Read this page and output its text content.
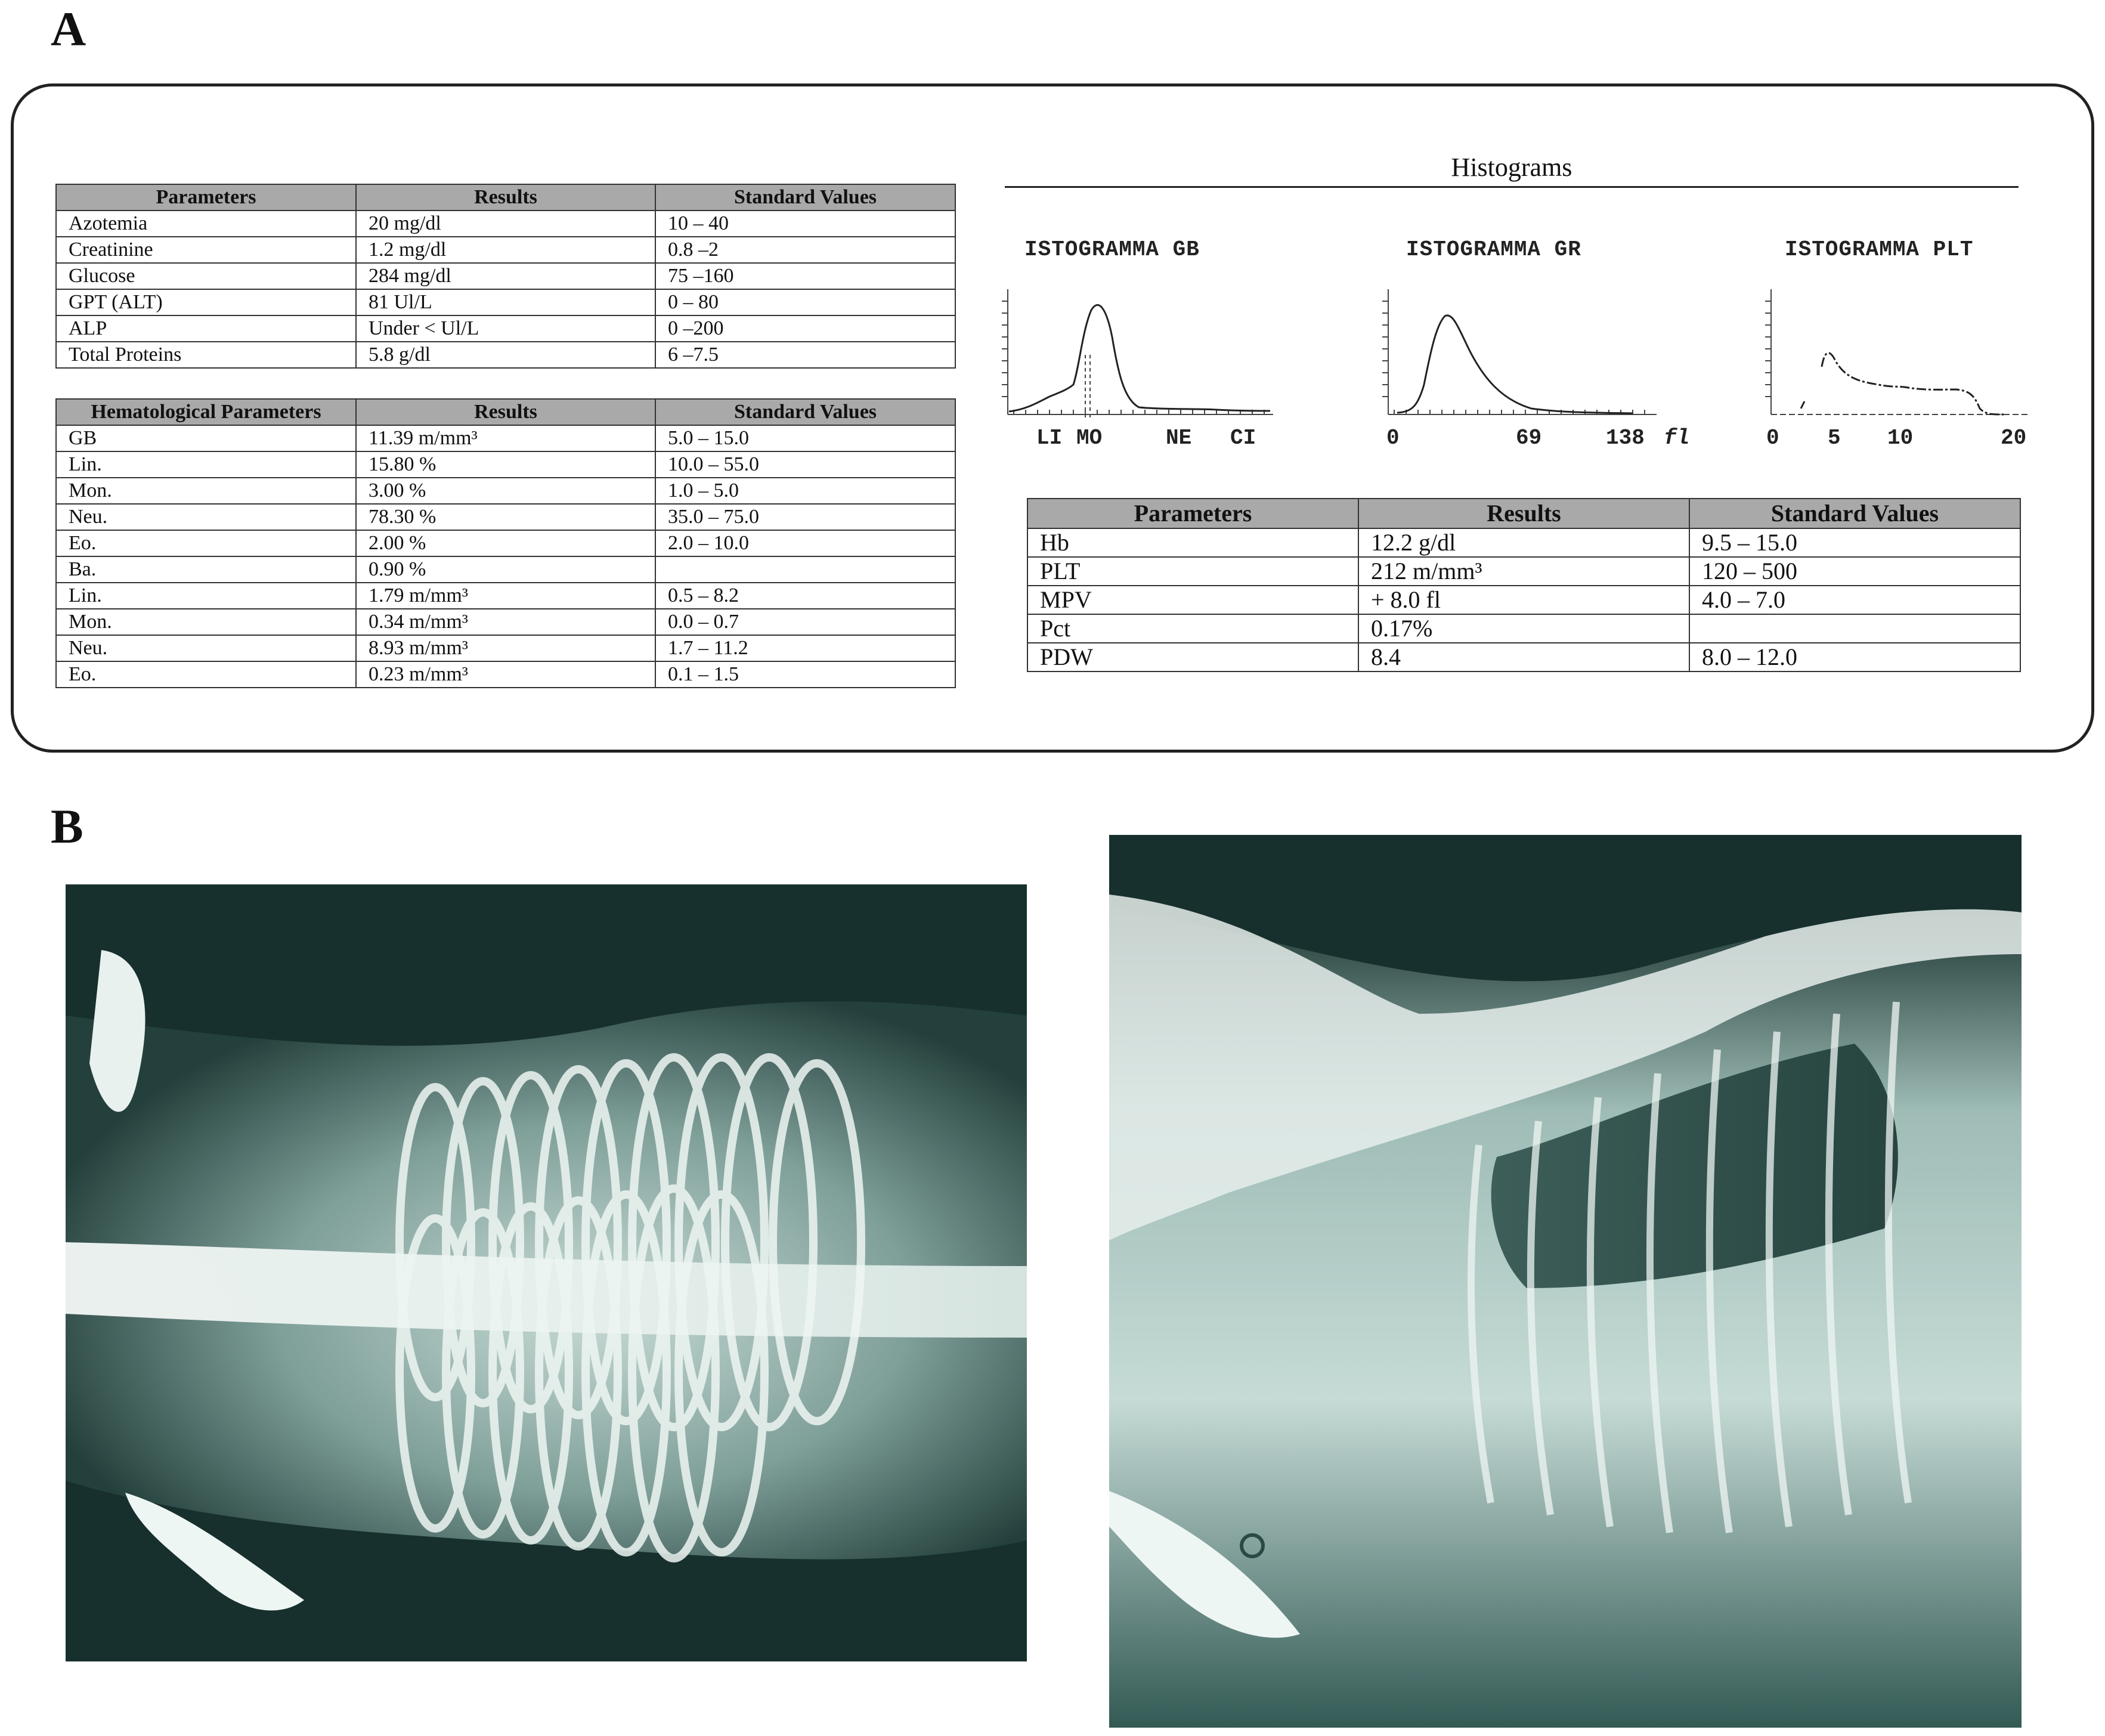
A
B
Parameters	Results	Standard Values
Azotemia	20 mg/dl	10 – 40
Creatinine	1.2 mg/dl	0.8 –2
Glucose	284 mg/dl	75 –160
GPT (ALT)	81 Ul/L	0 – 80
ALP	Under < Ul/L	0 –200
Total Proteins	5.8 g/dl	6 –7.5
Hematological Parameters	Results	Standard Values
GB	11.39 m/mm³	5.0 – 15.0
Lin.	15.80 %	10.0 – 55.0
Mon.	3.00 %	1.0 – 5.0
Neu.	78.30 %	35.0 – 75.0
Eo.	2.00 %	2.0 – 10.0
Ba.	0.90 %	
Lin.	1.79 m/mm³	0.5 – 8.2
Mon.	0.34 m/mm³	0.0 – 0.7
Neu.	8.93 m/mm³	1.7 – 11.2
Eo.	0.23 m/mm³	0.1 – 1.5
Histograms
ISTOGRAMMA GB	ISTOGRAMMA GR	ISTOGRAMMA PLT
LI MO	NE CI	0	69	138 fl	0 5 10	20
Parameters	Results	Standard Values
Hb	12.2 g/dl	9.5 – 15.0
PLT	212 m/mm³	120 – 500
MPV	+ 8.0 fl	4.0 – 7.0
Pct	0.17%	
PDW	8.4	8.0 – 12.0
